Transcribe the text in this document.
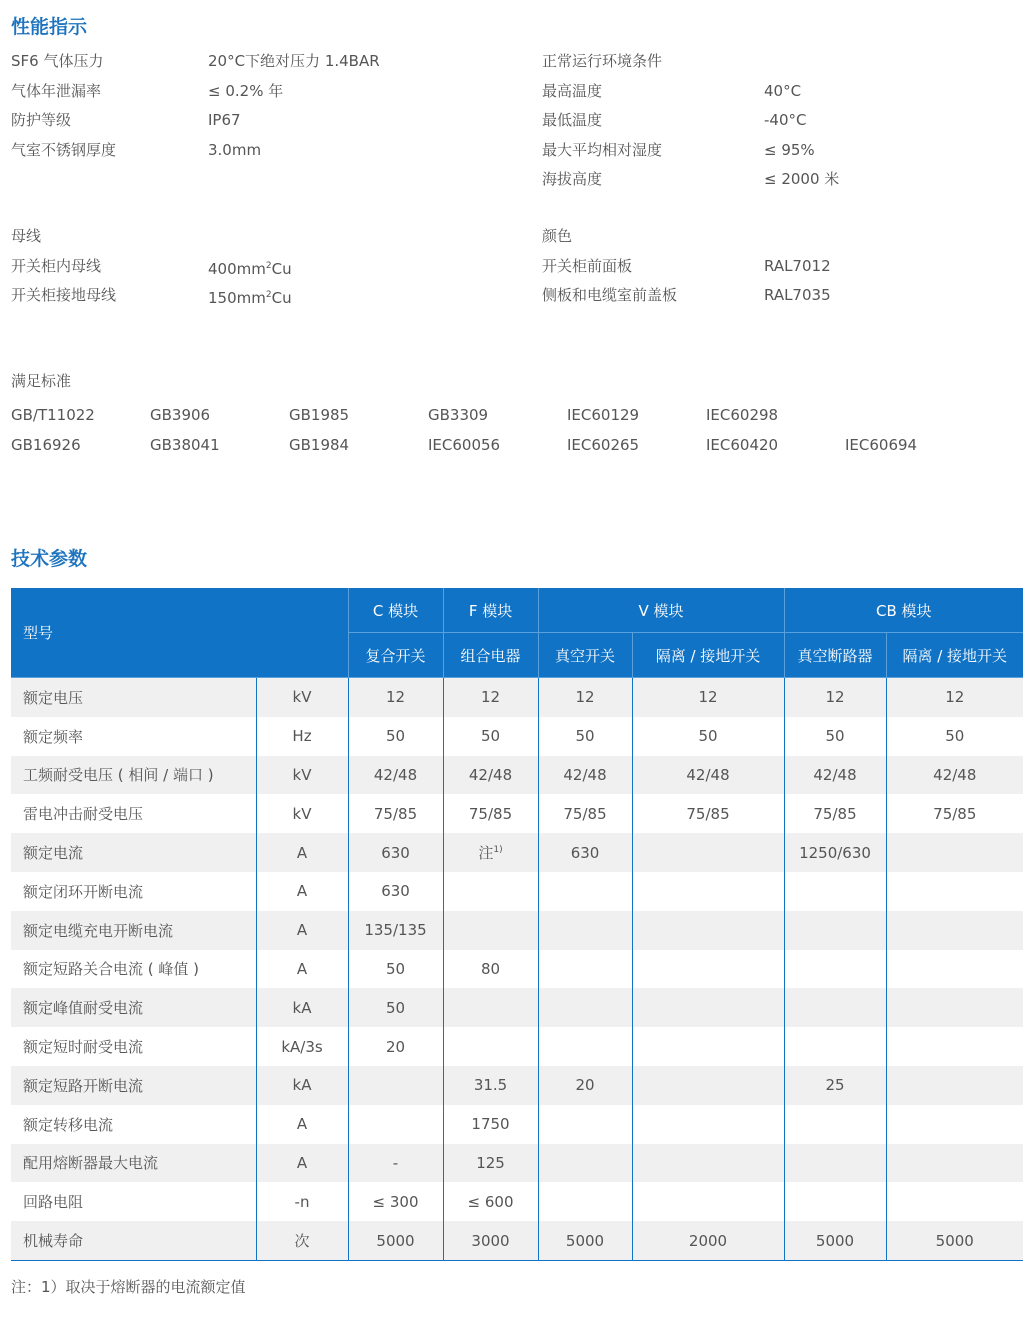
性能指示
SF6 气体压力	20°C下绝对压力 1.4BAR
气体年泄漏率	≤ 0.2% 年
防护等级	IP67
气室不锈钢厚度	3.0mm
正常运行环境条件
最高温度	40°C
最低温度	-40°C
最大平均相对湿度	≤ 95%
海拔高度	≤ 2000 米
母线
开关柜内母线	$400mm^2Cu$
开关柜接地母线	$150mm^2Cu$
颜色
开关柜前面板	RAL7012
侧板和电缆室前盖板	RAL7035
满足标准
GB/T11022	GB3906	GB1985	GB3309	IEC60129	IEC60298
GB16926	GB38041	GB1984	IEC60056	IEC60265	IEC60420	IEC60694
技术参数
型号		C 模块	F 模块	V 模块		CB 模块	
		复合开关	组合电器	真空开关	隔离 / 接地开关	真空断路器	隔离 / 接地开关
额定电压	kV	12	12	12	12	12	12
额定频率	Hz	50	50	50	50	50	50
工频耐受电压 ( 相间 / 端口 )	kV	42/48	42/48	42/48	42/48	42/48	42/48
雷电冲击耐受电压	kV	75/85	75/85	75/85	75/85	75/85	75/85
额定电流	A	630	注$^{1)}$	630		1250/630	
额定闭环开断电流	A	630					
额定电缆充电开断电流	A	135/135					
额定短路关合电流 ( 峰值 )	A	50	80				
额定峰值耐受电流	kA	50					
额定短时耐受电流	kA/3s	20					
额定短路开断电流	kA		31.5	20		25	
额定转移电流	A		1750				
配用熔断器最大电流	A	-	125				
回路电阻	-n	≤ 300	≤ 600				
机械寿命	次	5000	3000	5000	2000	5000	5000
注：1）取决于熔断器的电流额定值
